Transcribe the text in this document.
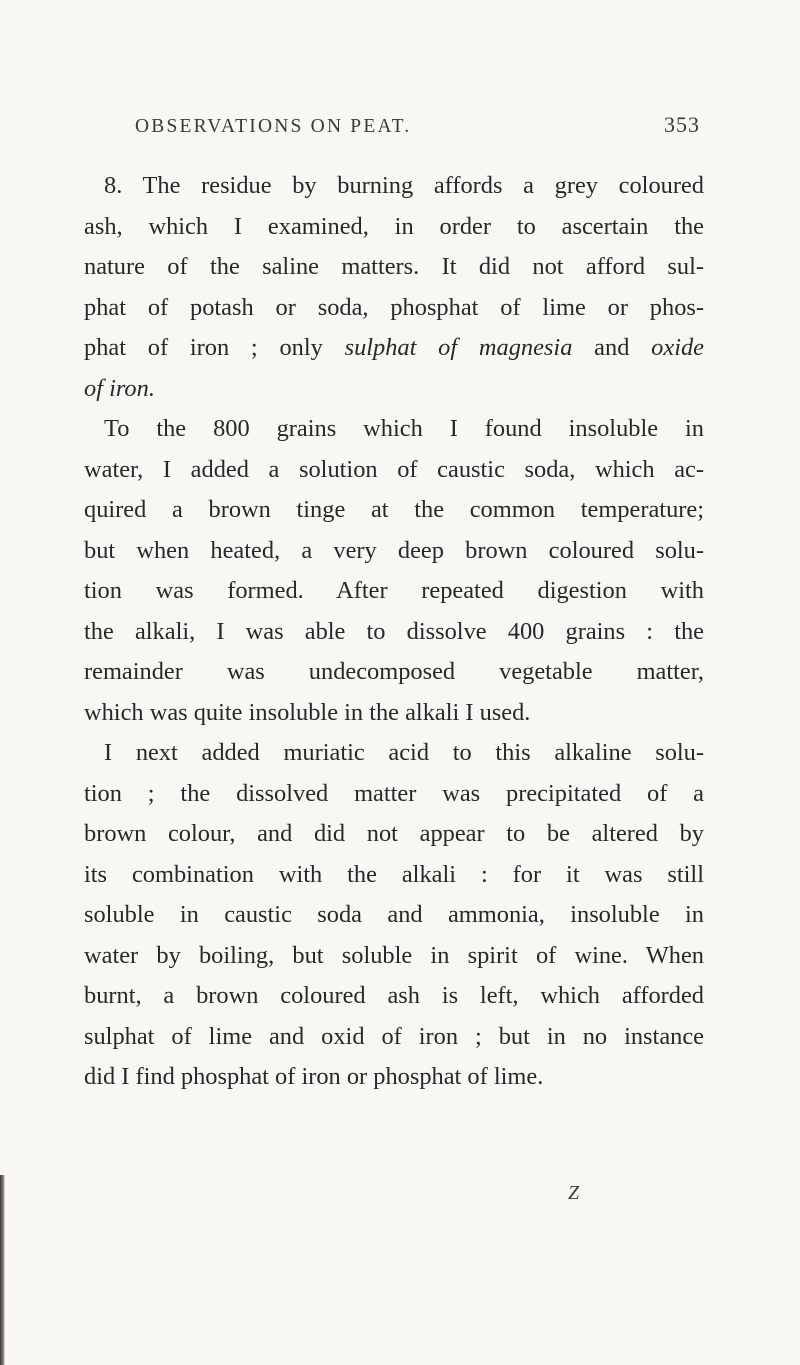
OBSERVATIONS ON PEAT.	353
8. The residue by burning affords a grey coloured
ash, which I examined, in order to ascertain the
nature of the saline matters. It did not afford sul-
phat of potash or soda, phosphat of lime or phos-
phat of iron ; only sulphat of magnesia and oxide
of iron.
To the 800 grains which I found insoluble in
water, I added a solution of caustic soda, which ac-
quired a brown tinge at the common temperature;
but when heated, a very deep brown coloured solu-
tion was formed. After repeated digestion with
the alkali, I was able to dissolve 400 grains : the
remainder was undecomposed vegetable matter,
which was quite insoluble in the alkali I used.
I next added muriatic acid to this alkaline solu-
tion ; the dissolved matter was precipitated of a
brown colour, and did not appear to be altered by
its combination with the alkali : for it was still
soluble in caustic soda and ammonia, insoluble in
water by boiling, but soluble in spirit of wine. When
burnt, a brown coloured ash is left, which afforded
sulphat of lime and oxid of iron ; but in no instance
did I find phosphat of iron or phosphat of lime.
Z
